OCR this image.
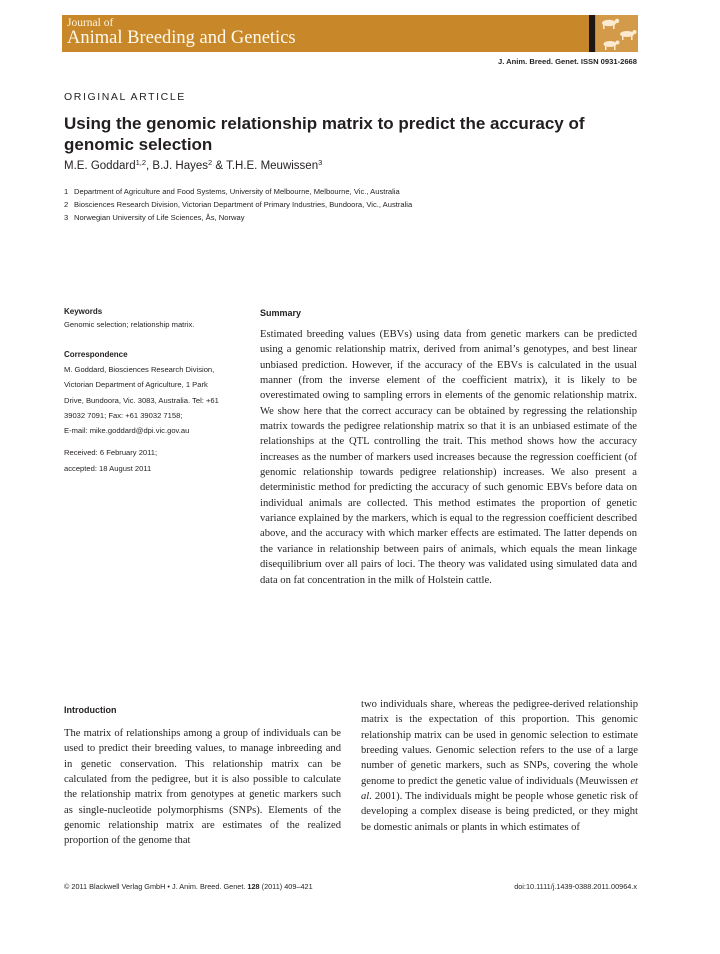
Journal of
Animal Breeding and Genetics
J. Anim. Breed. Genet. ISSN 0931-2668
ORIGINAL ARTICLE
Using the genomic relationship matrix to predict the accuracy of genomic selection
M.E. Goddard$^{1,2}$, B.J. Hayes$^2$ & T.H.E. Meuwissen$^3$
1 Department of Agriculture and Food Systems, University of Melbourne, Melbourne, Vic., Australia
2 Biosciences Research Division, Victorian Department of Primary Industries, Bundoora, Vic., Australia
3 Norwegian University of Life Sciences, Ås, Norway
Keywords
Genomic selection; relationship matrix.
Correspondence
M. Goddard, Biosciences Research Division,
Victorian Department of Agriculture, 1 Park
Drive, Bundoora, Vic. 3083, Australia. Tel: +61
39032 7091; Fax: +61 39032 7158;
E-mail: mike.goddard@dpi.vic.gov.au
Received: 6 February 2011;
accepted: 18 August 2011
Summary

Estimated breeding values (EBVs) using data from genetic markers can be predicted using a genomic relationship matrix, derived from animal’s genotypes, and best linear unbiased prediction. However, if the accuracy of the EBVs is calculated in the usual manner (from the inverse element of the coefficient matrix), it is likely to be overestimated owing to sampling errors in elements of the genomic relationship matrix. We show here that the correct accuracy can be obtained by regressing the relationship matrix towards the pedigree relationship matrix so that it is an unbiased estimate of the relationships at the QTL controlling the trait. This method shows how the accuracy increases as the number of markers used increases because the regression coefficient (of genomic relationship towards pedigree relationship) increases. We also present a deterministic method for predicting the accuracy of such genomic EBVs before data on individual animals are collected. This method estimates the proportion of genetic variance explained by the markers, which is equal to the regression coefficient described above, and the accuracy with which marker effects are estimated. The latter depends on the variance in relationship between pairs of animals, which equals the mean linkage disequilibrium over all pairs of loci. The theory was validated using simulated data and data on fat concentration in the milk of Holstein cattle.

Introduction

The matrix of relationships among a group of individuals can be used to predict their breeding values, to manage inbreeding and in genetic conservation. This relationship matrix can be calculated from the pedigree, but it is also possible to calculate the relationship matrix from genotypes at genetic markers such as single-nucleotide polymorphisms (SNPs). Elements of the genomic relationship matrix are estimates of the realized proportion of the genome that

two individuals share, whereas the pedigree-derived relationship matrix is the expectation of this proportion. This genomic relationship matrix can be used in genomic selection to estimate breeding values. Genomic selection refers to the use of a large number of genetic markers, such as SNPs, covering the whole genome to predict the genetic value of individuals (Meuwissen et al. 2001). The individuals might be people whose genetic risk of developing a complex disease is being predicted, or they might be domestic animals or plants in which estimates of

© 2011 Blackwell Verlag GmbH • J. Anim. Breed. Genet. 128 (2011) 409–421	doi:10.1111/j.1439-0388.2011.00964.x
